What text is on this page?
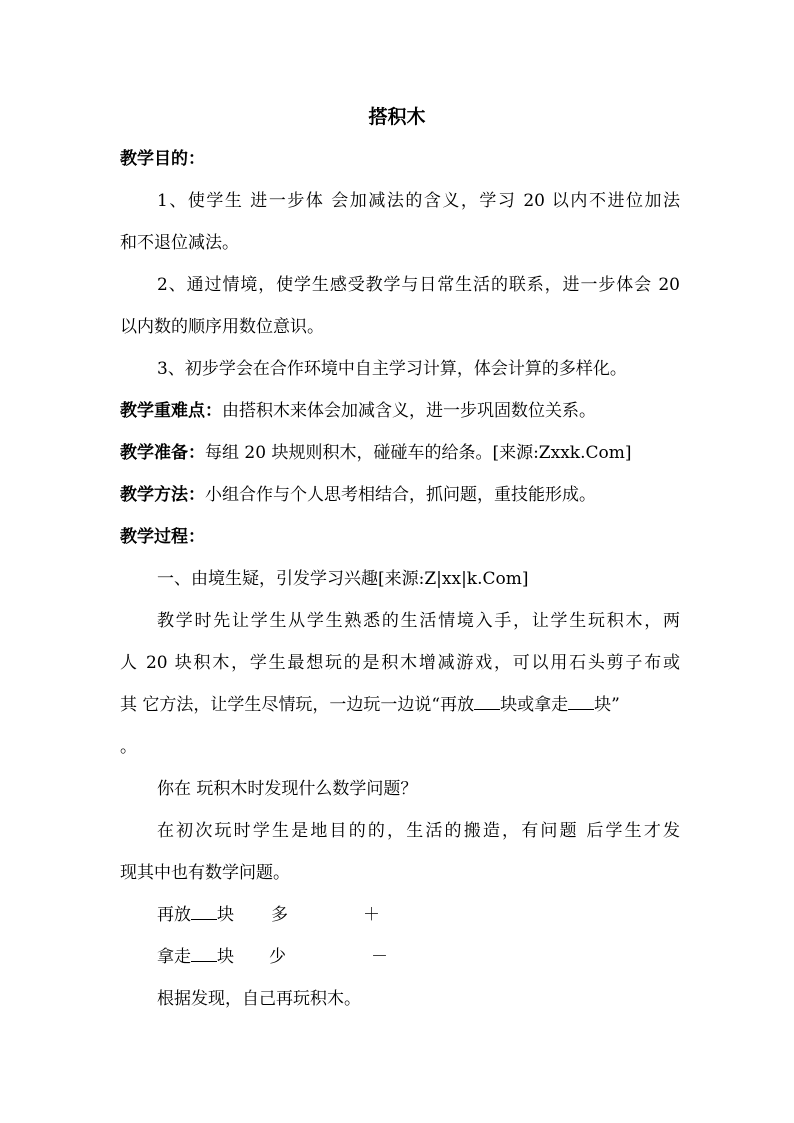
搭积木

教学目的：

1、使学生 进一步体 会加减法的含义，学习 20 以内不进位加法

和不退位减法。

2、通过情境，使学生感受教学与日常生活的联系，进一步体会 20

以内数的顺序用数位意识。

3、初步学会在合作环境中自主学习计算，体会计算的多样化。

教学重难点：由搭积木来体会加减含义，进一步巩固数位关系。

教学准备：每组 20 块规则积木，碰碰车的给条。[来源:Zxxk.Com]

教学方法：小组合作与个人思考相结合，抓问题，重技能形成。

教学过程：

一、由境生疑，引发学习兴趣[来源:Z|xx|k.Com]

教学时先让学生从学生熟悉的生活情境入手，让学生玩积木，两

人 20 块积木，学生最想玩的是积木增减游戏，可以用石头剪子布或

其 它方法，让学生尽情玩，一边玩一边说“再放 块或拿走 块”

。

你在 玩积木时发现什么数学问题？

在初次玩时学生是地目的的，生活的搬造，有问题 后学生才发

现其中也有数学问题。

再放 块 多	＋
拿走 块 少	－

根据发现，自己再玩积木。
